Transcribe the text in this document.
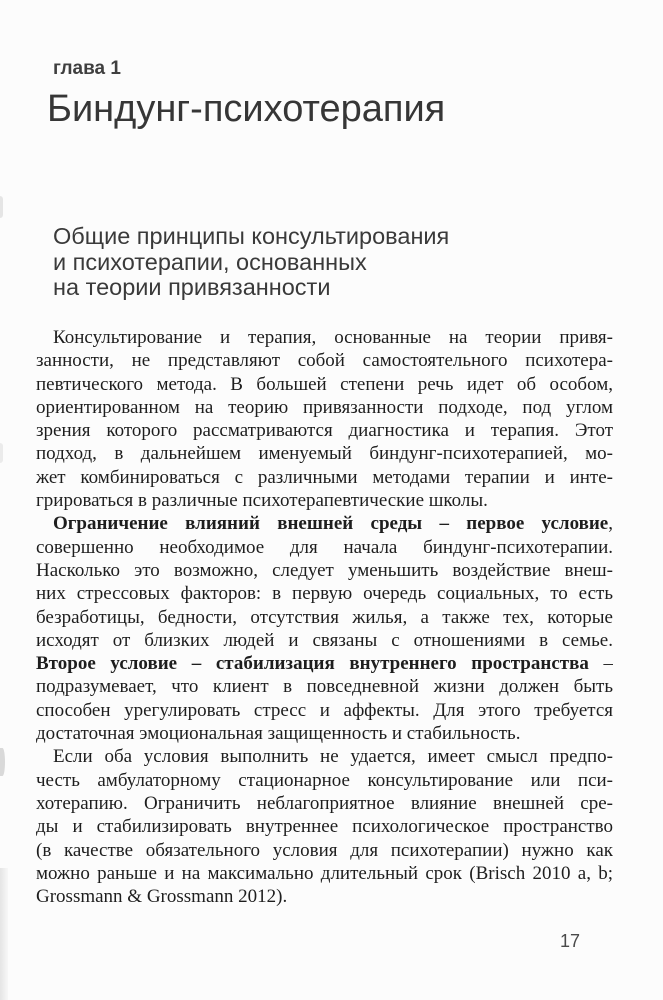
глава 1
Биндунг-психотерапия
Общие принципы консультирования
и психотерапии, основанных
на теории привязанности
Консультирование и терапия, основанные на теории привя-
занности, не представляют собой самостоятельного психотера-
певтического метода. В большей степени речь идет об особом,
ориентированном на теорию привязанности подходе, под углом
зрения которого рассматриваются диагностика и терапия. Этот
подход, в дальнейшем именуемый биндунг-психотерапией, мо-
жет комбинироваться с различными методами терапии и инте-
грироваться в различные психотерапевтические школы.
Ограничение влияний внешней среды – первое условие,
совершенно необходимое для начала биндунг-психотерапии.
Насколько это возможно, следует уменьшить воздействие внеш-
них стрессовых факторов: в первую очередь социальных, то есть
безработицы, бедности, отсутствия жилья, а также тех, которые
исходят от близких людей и связаны с отношениями в семье.
Второе условие – стабилизация внутреннего пространства –
подразумевает, что клиент в повседневной жизни должен быть
способен урегулировать стресс и аффекты. Для этого требуется
достаточная эмоциональная защищенность и стабильность.
Если оба условия выполнить не удается, имеет смысл предпо-
честь амбулаторному стационарное консультирование или пси-
хотерапию. Ограничить неблагоприятное влияние внешней сре-
ды и стабилизировать внутреннее психологическое пространство
(в качестве обязательного условия для психотерапии) нужно как
можно раньше и на максимально длительный срок (Brisch 2010 a, b;
Grossmann & Grossmann 2012).
17
